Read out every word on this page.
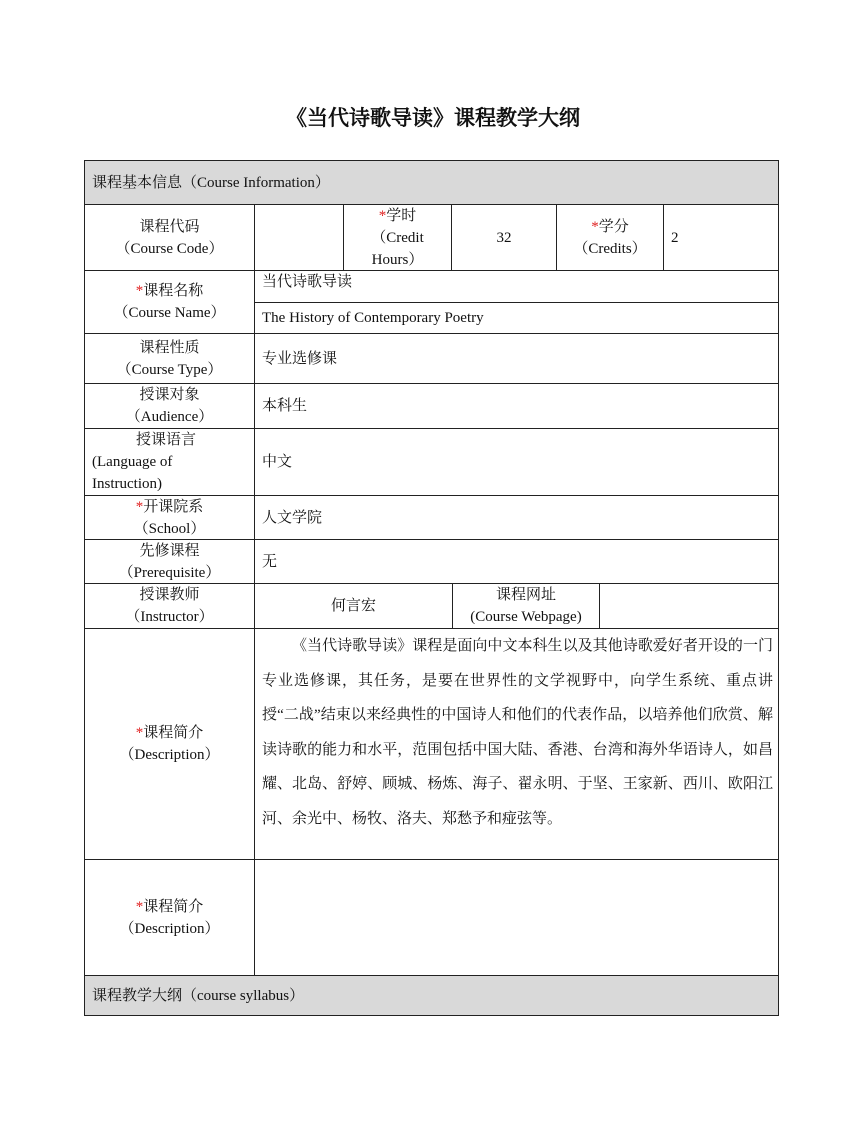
《当代诗歌导读》课程教学大纲
课程基本信息（Course Information）
课程代码
（Course Code）
*学时
（Credit
Hours）
32
*学分
（Credits）
2
*课程名称
（Course Name）
当代诗歌导读
The History of Contemporary Poetry
课程性质
（Course Type）
专业选修课
授课对象
（Audience）
本科生
授课语言
(Language of
Instruction)
中文
*开课院系
（School）
人文学院
先修课程
（Prerequisite）
无
授课教师
（Instructor）
何言宏
课程网址
(Course Webpage)
*课程简介
（Description）
《当代诗歌导读》课程是面向中文本科生以及其他诗歌爱好者开设的一门专业选修课，其任务，是要在世界性的文学视野中，向学生系统、重点讲授“二战”结束以来经典性的中国诗人和他们的代表作品，以培养他们欣赏、解读诗歌的能力和水平，范围包括中国大陆、香港、台湾和海外华语诗人，如昌耀、北岛、舒婷、顾城、杨炼、海子、翟永明、于坚、王家新、西川、欧阳江河、余光中、杨牧、洛夫、郑愁予和痖弦等。
*课程简介
（Description）
课程教学大纲（course syllabus）
